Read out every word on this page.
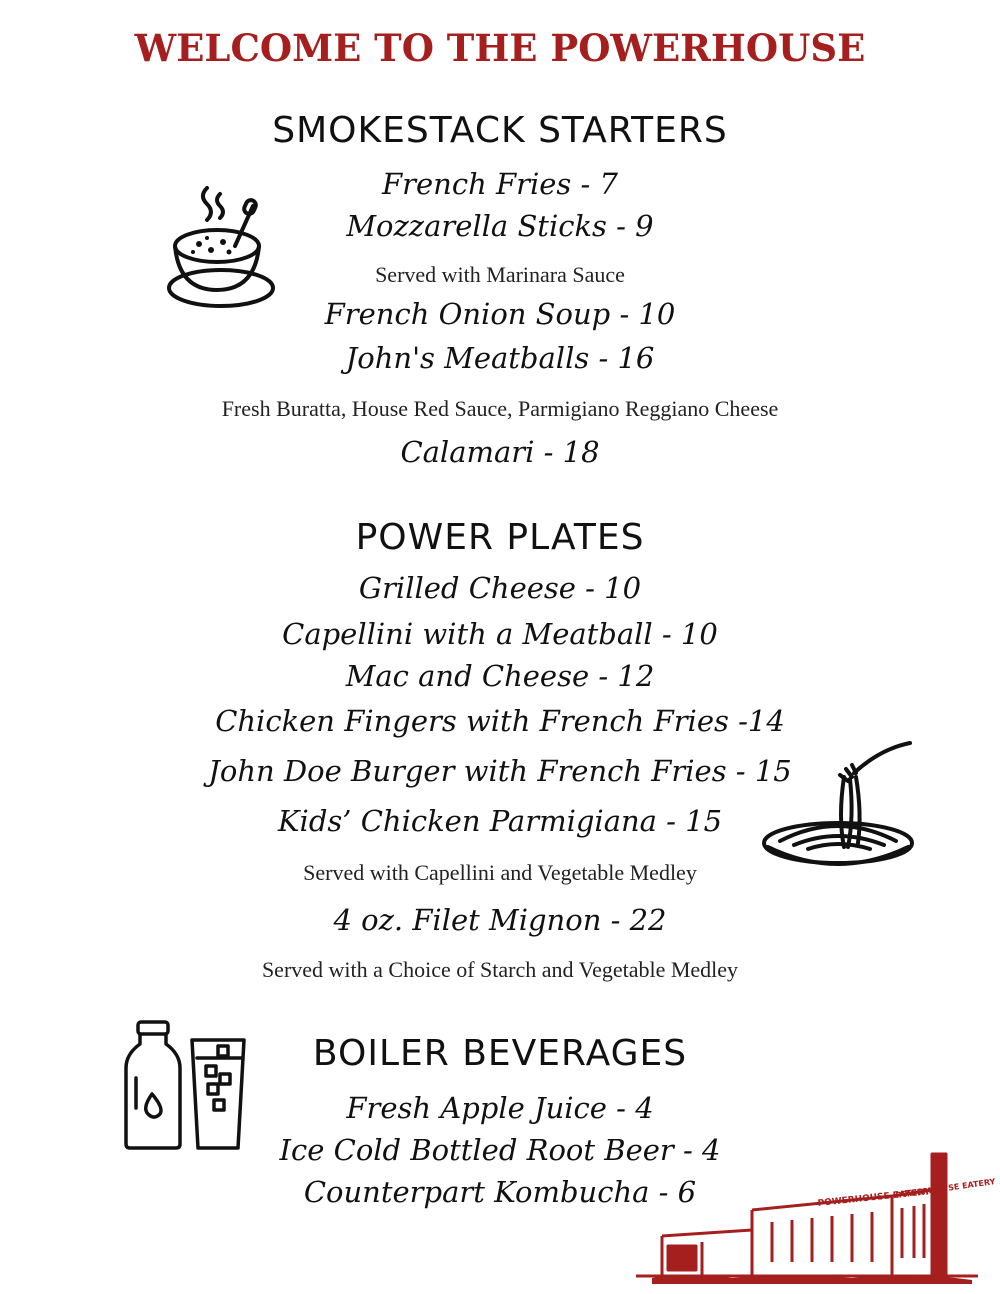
WELCOME TO THE POWERHOUSE
SMOKESTACK STARTERS
French Fries - 7
Mozzarella Sticks - 9
Served with Marinara Sauce
French Onion Soup - 10
John's Meatballs - 16
Fresh Buratta, House Red Sauce, Parmigiano Reggiano Cheese
Calamari - 18
POWER PLATES
Grilled Cheese - 10
Capellini with a Meatball - 10
Mac and Cheese - 12
Chicken Fingers with French Fries -14
John Doe Burger with French Fries - 15
Kids’ Chicken Parmigiana - 15
Served with Capellini and Vegetable Medley
4 oz. Filet Mignon - 22
Served with a Choice of Starch and Vegetable Medley
BOILER BEVERAGES
Fresh Apple Juice - 4
Ice Cold Bottled Root Beer - 4
Counterpart Kombucha - 6	POWERHOUSE EATERY
POWERHOUSE EATERY
